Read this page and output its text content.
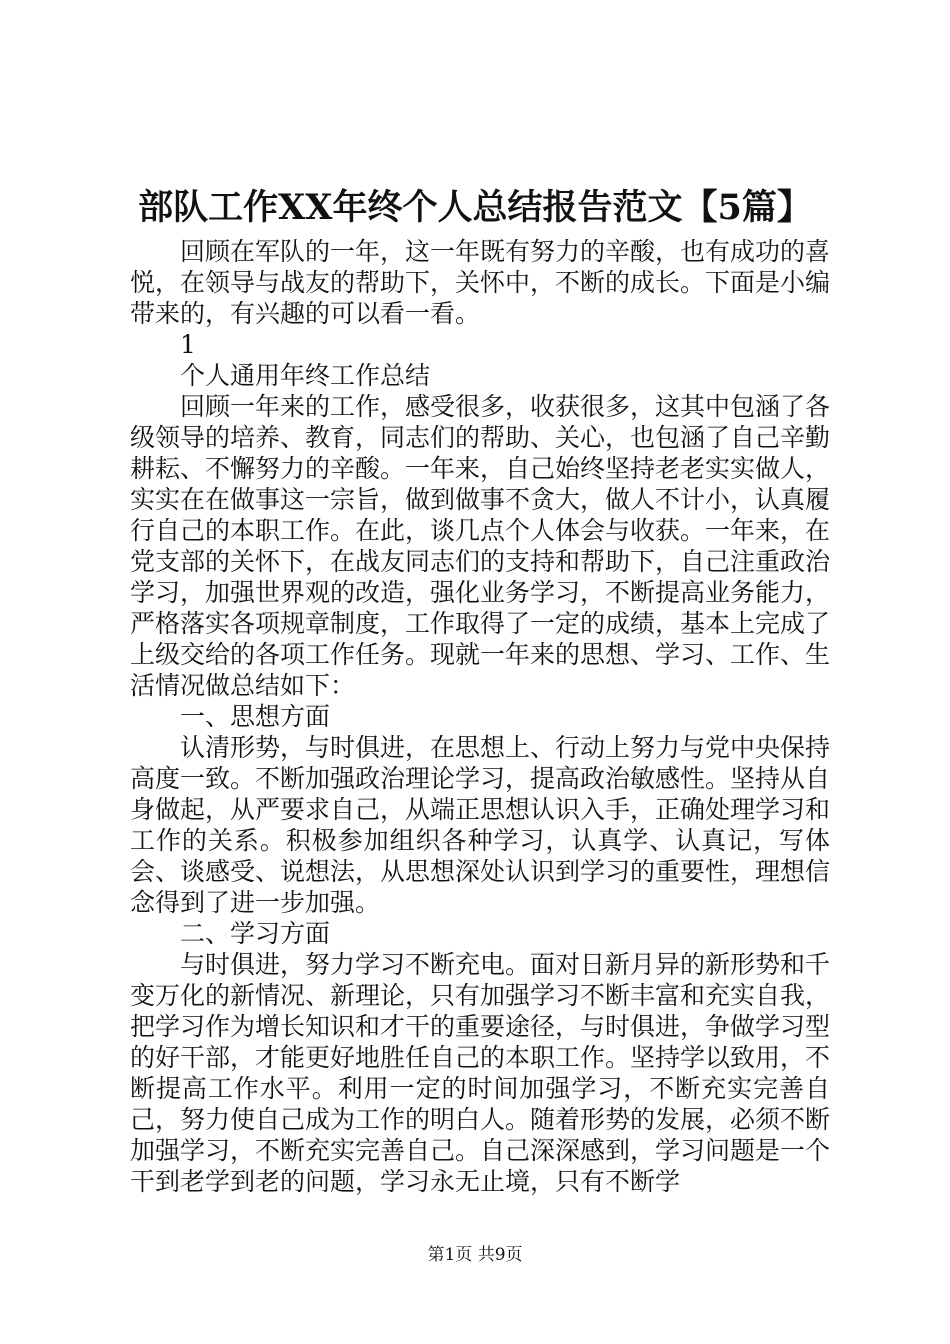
部队工作XX年终个人总结报告范文【5篇】

回顾在军队的一年，这一年既有努力的辛酸，也有成功的喜悦，在领导与战友的帮助下，关怀中，不断的成长。下面是小编带来的，有兴趣的可以看一看。

1

个人通用年终工作总结

回顾一年来的工作，感受很多，收获很多，这其中包涵了各级领导的培养、教育，同志们的帮助、关心，也包涵了自己辛勤耕耘、不懈努力的辛酸。一年来，自己始终坚持老老实实做人，实实在在做事这一宗旨，做到做事不贪大，做人不计小，认真履行自己的本职工作。在此，谈几点个人体会与收获。一年来，在党支部的关怀下，在战友同志们的支持和帮助下，自己注重政治学习，加强世界观的改造，强化业务学习，不断提高业务能力，严格落实各项规章制度，工作取得了一定的成绩，基本上完成了上级交给的各项工作任务。现就一年来的思想、学习、工作、生活情况做总结如下：

一、思想方面

认清形势，与时俱进，在思想上、行动上努力与党中央保持高度一致。不断加强政治理论学习，提高政治敏感性。坚持从自身做起，从严要求自己，从端正思想认识入手，正确处理学习和工作的关系。积极参加组织各种学习，认真学、认真记，写体会、谈感受、说想法，从思想深处认识到学习的重要性，理想信念得到了进一步加强。

二、学习方面

与时俱进，努力学习不断充电。面对日新月异的新形势和千变万化的新情况、新理论，只有加强学习不断丰富和充实自我，把学习作为增长知识和才干的重要途径，与时俱进，争做学习型的好干部，才能更好地胜任自己的本职工作。坚持学以致用，不断提高工作水平。利用一定的时间加强学习，不断充实完善自己，努力使自己成为工作的明白人。随着形势的发展，必须不断加强学习，不断充实完善自己。自己深深感到，学习问题是一个干到老学到老的问题，学习永无止境，只有不断学

第1页 共9页
